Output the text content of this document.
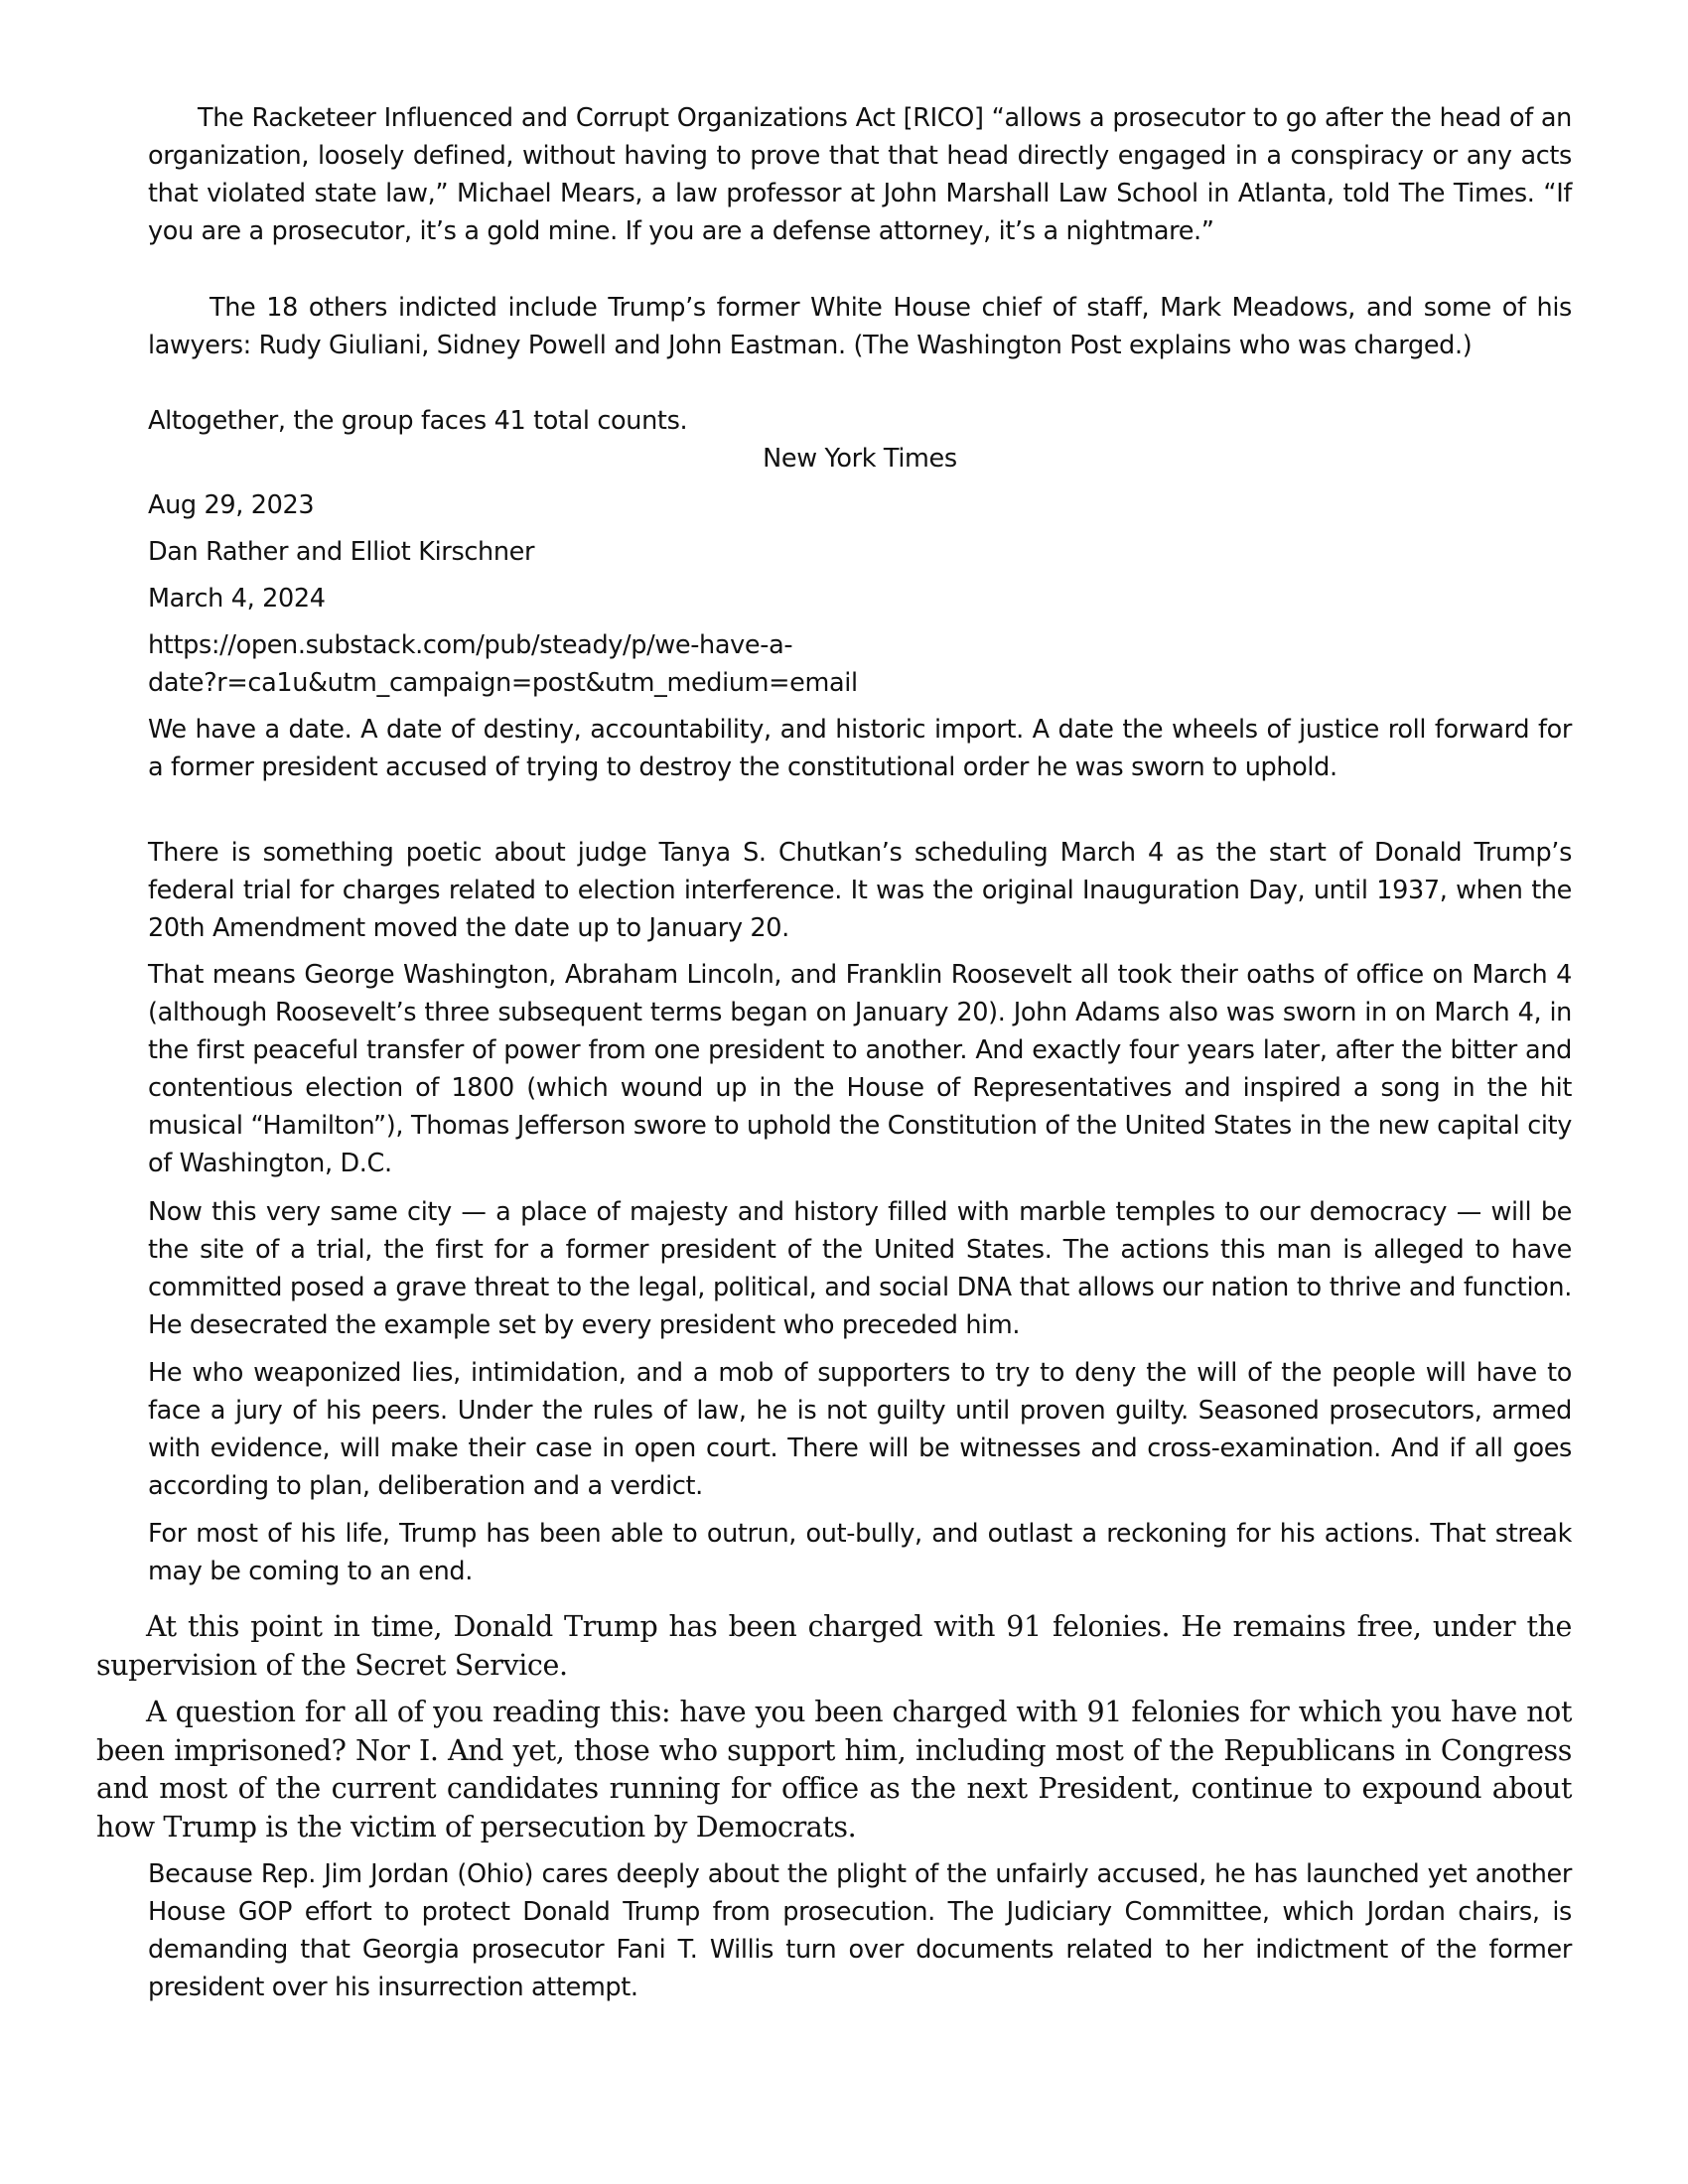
The Racketeer Influenced and Corrupt Organizations Act [RICO] “allows a prosecutor to go after the head of an organization, loosely defined, without having to prove that that head directly engaged in a conspiracy or any acts that violated state law,” Michael Mears, a law professor at John Marshall Law School in Atlanta, told The Times. “If you are a prosecutor, it’s a gold mine. If you are a defense attorney, it’s a nightmare.”

The 18 others indicted include Trump’s former White House chief of staff, Mark Meadows, and some of his lawyers: Rudy Giuliani, Sidney Powell and John Eastman. (The Washington Post explains who was charged.)

Altogether, the group faces 41 total counts.

New York Times

Aug 29, 2023

Dan Rather and Elliot Kirschner

March 4, 2024

https://open.substack.com/pub/steady/p/we-have-a-

date?r=ca1u&utm_campaign=post&utm_medium=email

We have a date. A date of destiny, accountability, and historic import. A date the wheels of justice roll forward for a former president accused of trying to destroy the constitutional order he was sworn to uphold.

There is something poetic about judge Tanya S. Chutkan’s scheduling March 4 as the start of Donald Trump’s federal trial for charges related to election interference. It was the original Inauguration Day, until 1937, when the 20th Amendment moved the date up to January 20.

That means George Washington, Abraham Lincoln, and Franklin Roosevelt all took their oaths of office on March 4 (although Roosevelt’s three subsequent terms began on January 20). John Adams also was sworn in on March 4, in the first peaceful transfer of power from one president to another. And exactly four years later, after the bitter and contentious election of 1800 (which wound up in the House of Representatives and inspired a song in the hit musical “Hamilton”), Thomas Jefferson swore to uphold the Constitution of the United States in the new capital city of Washington, D.C.

Now this very same city — a place of majesty and history filled with marble temples to our democracy — will be the site of a trial, the first for a former president of the United States. The actions this man is alleged to have committed posed a grave threat to the legal, political, and social DNA that allows our nation to thrive and function. He desecrated the example set by every president who preceded him.

He who weaponized lies, intimidation, and a mob of supporters to try to deny the will of the people will have to face a jury of his peers. Under the rules of law, he is not guilty until proven guilty. Seasoned prosecutors, armed with evidence, will make their case in open court. There will be witnesses and cross-examination. And if all goes according to plan, deliberation and a verdict.

For most of his life, Trump has been able to outrun, out-bully, and outlast a reckoning for his actions. That streak may be coming to an end.

At this point in time, Donald Trump has been charged with 91 felonies. He remains free, under the supervision of the Secret Service.

A question for all of you reading this: have you been charged with 91 felonies for which you have not been imprisoned? Nor I. And yet, those who support him, including most of the Republicans in Congress and most of the current candidates running for office as the next President, continue to expound about how Trump is the victim of persecution by Democrats.

Because Rep. Jim Jordan (Ohio) cares deeply about the plight of the unfairly accused, he has launched yet another House GOP effort to protect Donald Trump from prosecution. The Judiciary Committee, which Jordan chairs, is demanding that Georgia prosecutor Fani T. Willis turn over documents related to her indictment of the former president over his insurrection attempt.
